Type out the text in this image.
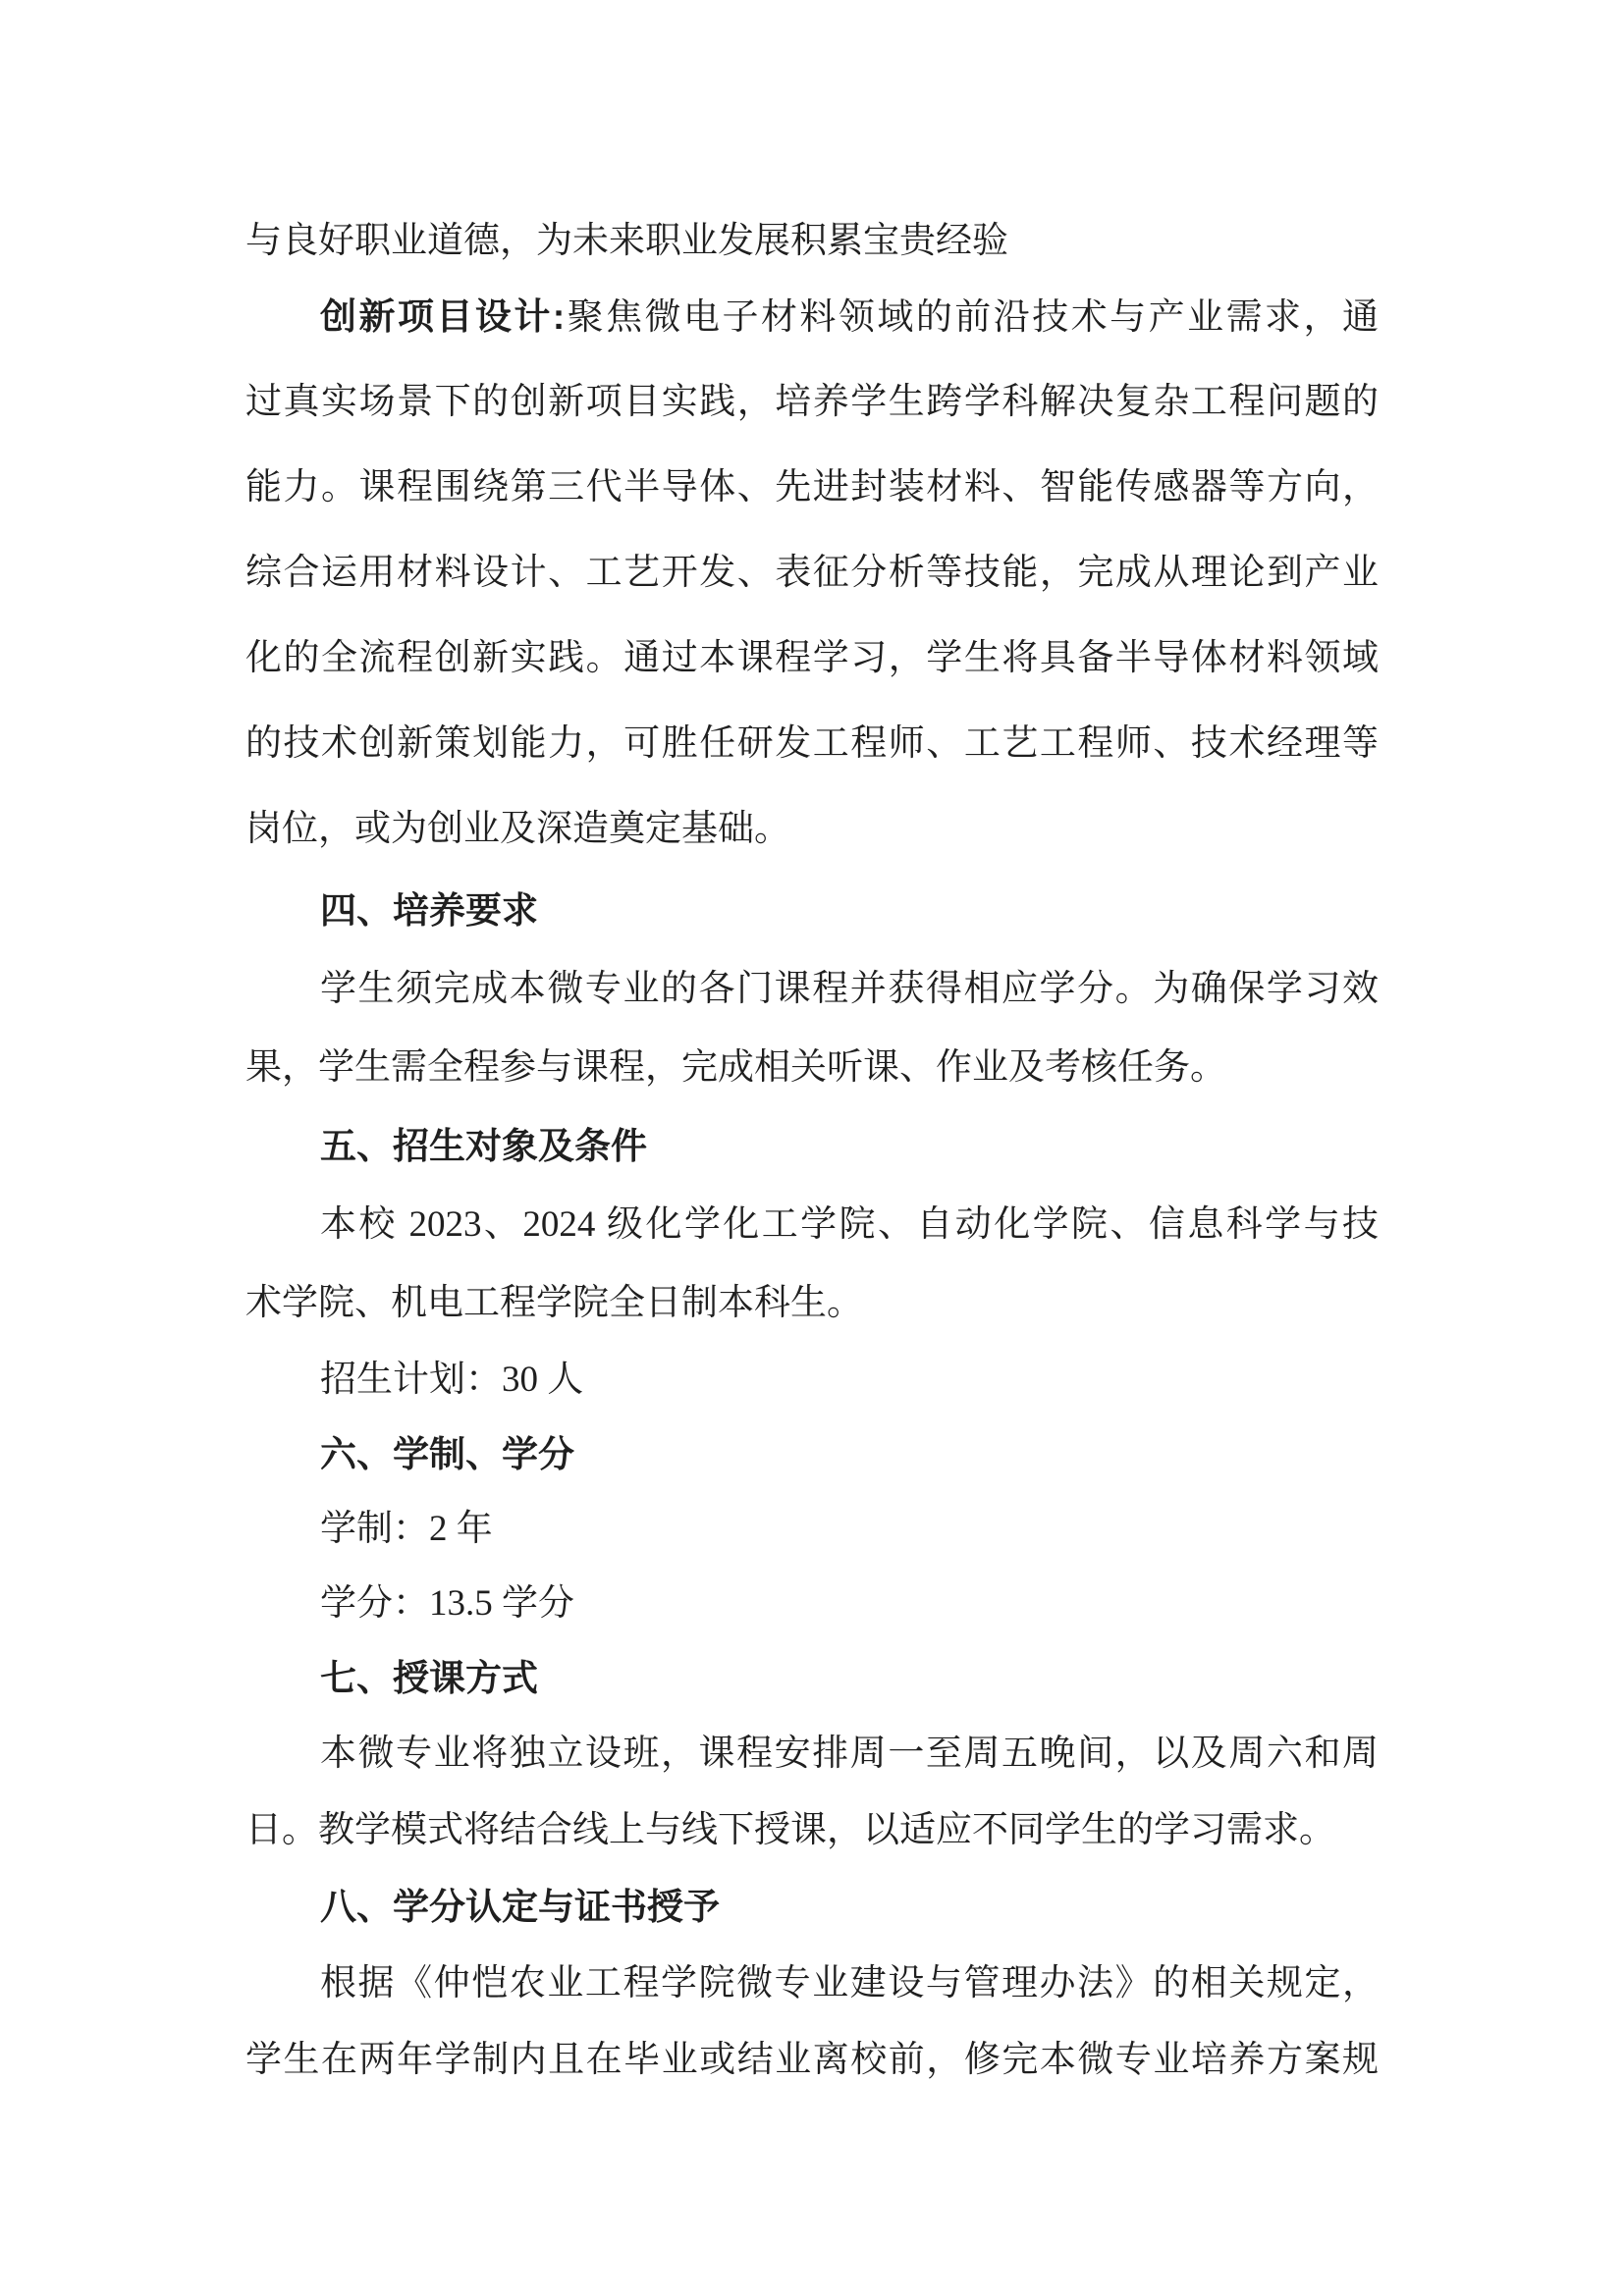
与良好职业道德，为未来职业发展积累宝贵经验
创新项目设计:聚焦微电子材料领域的前沿技术与产业需求，通
过真实场景下的创新项目实践，培养学生跨学科解决复杂工程问题的
能力。课程围绕第三代半导体、先进封装材料、智能传感器等方向，
综合运用材料设计、工艺开发、表征分析等技能，完成从理论到产业
化的全流程创新实践。通过本课程学习，学生将具备半导体材料领域
的技术创新策划能力，可胜任研发工程师、工艺工程师、技术经理等
岗位，或为创业及深造奠定基础。
四、培养要求
学生须完成本微专业的各门课程并获得相应学分。为确保学习效
果，学生需全程参与课程，完成相关听课、作业及考核任务。
五、招生对象及条件
本校 2023、2024 级化学化工学院、自动化学院、信息科学与技
术学院、机电工程学院全日制本科生。
招生计划：30 人
六、学制、学分
学制：2 年
学分：13.5 学分
七、授课方式
本微专业将独立设班，课程安排周一至周五晚间，以及周六和周
日。教学模式将结合线上与线下授课，以适应不同学生的学习需求。
八、学分认定与证书授予
根据《仲恺农业工程学院微专业建设与管理办法》的相关规定，
学生在两年学制内且在毕业或结业离校前，修完本微专业培养方案规
